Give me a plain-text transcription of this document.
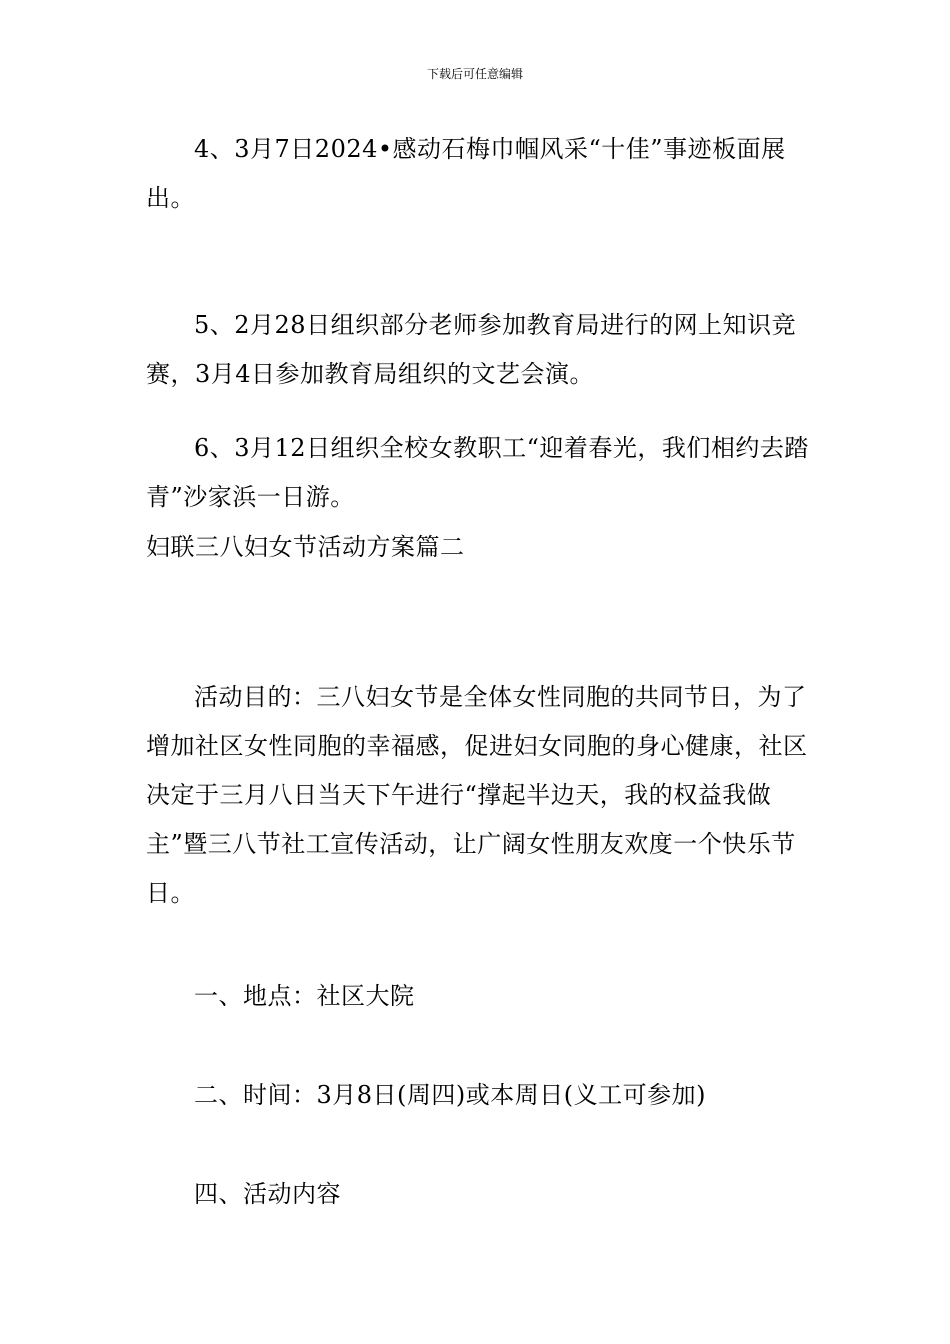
下载后可任意编辑

4、3月7日2024•感动石梅巾帼风采“十佳”事迹板面展出。

5、2月28日组织部分老师参加教育局进行的网上知识竞赛，3月4日参加教育局组织的文艺会演。

6、3月12日组织全校女教职工“迎着春光，我们相约去踏青”沙家浜一日游。

妇联三八妇女节活动方案篇二

活动目的：三八妇女节是全体女性同胞的共同节日，为了增加社区女性同胞的幸福感，促进妇女同胞的身心健康，社区决定于三月八日当天下午进行“撑起半边天，我的权益我做主”暨三八节社工宣传活动，让广阔女性朋友欢度一个快乐节日。

一、地点：社区大院

二、时间：3月8日(周四)或本周日(义工可参加)

四、活动内容
